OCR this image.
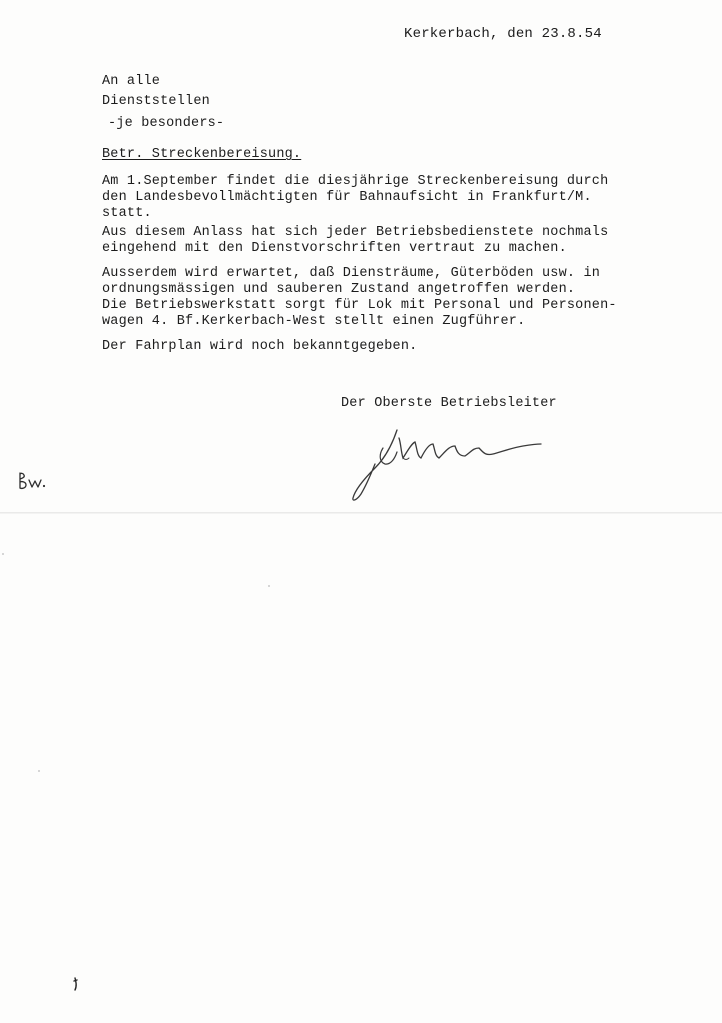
Kerkerbach, den 23.8.54
An alle
Dienststellen
-je besonders-
Betr. Streckenbereisung.
Am 1.September findet die diesjährige Streckenbereisung durch
den Landesbevollmächtigten für Bahnaufsicht in Frankfurt/M.
statt.
Aus diesem Anlass hat sich jeder Betriebsbedienstete nochmals
eingehend mit den Dienstvorschriften vertraut zu machen.
Ausserdem wird erwartet, daß Diensträume, Güterböden usw. in
ordnungsmässigen und sauberen Zustand angetroffen werden.
Die Betriebswerkstatt sorgt für Lok mit Personal und Personen-
wagen 4. Bf.Kerkerbach-West stellt einen Zugführer.
Der Fahrplan wird noch bekanntgegeben.
Der Oberste Betriebsleiter
